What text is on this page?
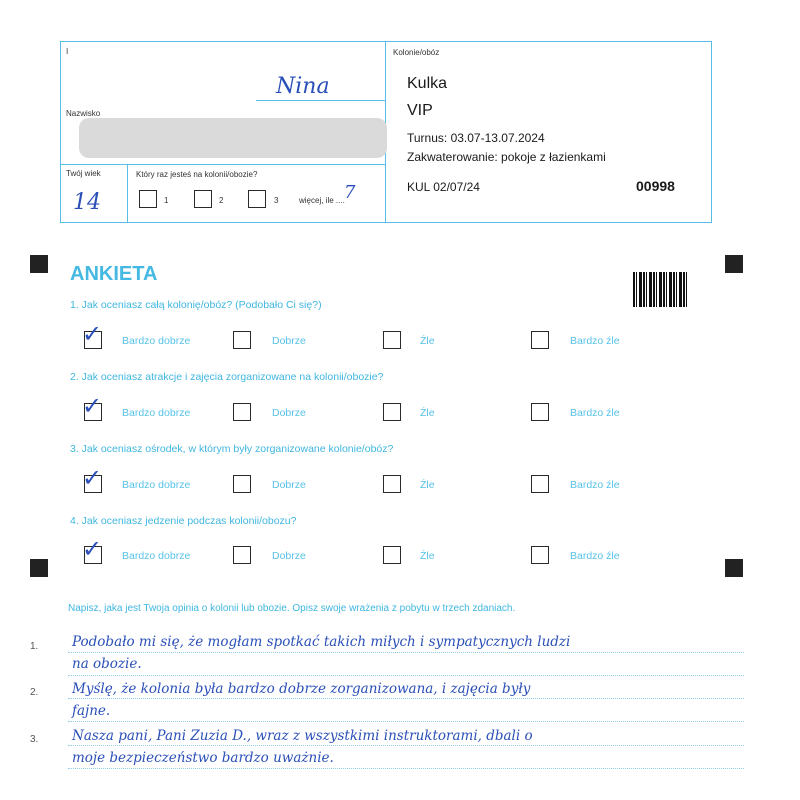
I
Nina
Nazwisko
Twój wiek
14
Który raz jesteś na kolonii/obozie?
1	2	3	więcej, ile .... 7
Kolonie/obóz
Kulka
VIP
Turnus: 03.07-13.07.2024
Zakwaterowanie: pokoje z łazienkami
KUL 02/07/24	00998
ANKIETA
1. Jak oceniasz całą kolonię/obóz? (Podobało Ci się?)
✓ Bardzo dobrze	Dobrze	Źle	Bardzo źle
2. Jak oceniasz atrakcje i zajęcia zorganizowane na kolonii/obozie?
✓ Bardzo dobrze	Dobrze	Źle	Bardzo źle
3. Jak oceniasz ośrodek, w którym były zorganizowane kolonie/obóz?
✓ Bardzo dobrze	Dobrze	Źle	Bardzo źle
4. Jak oceniasz jedzenie podczas kolonii/obozu?
✓ Bardzo dobrze	Dobrze	Źle	Bardzo źle
Napisz, jaka jest Twoja opinia o kolonii lub obozie. Opisz swoje wrażenia z pobytu w trzech zdaniach.
1.
2.
3.
Podobało mi się, że mogłam spotkać takich miłych i sympatycznych ludzi
na obozie.
Myślę, że kolonia była bardzo dobrze zorganizowana, i zajęcia były
fajne.
Nasza pani, Pani Zuzia D., wraz z wszystkimi instruktorami, dbali o
moje bezpieczeństwo bardzo uważnie.
